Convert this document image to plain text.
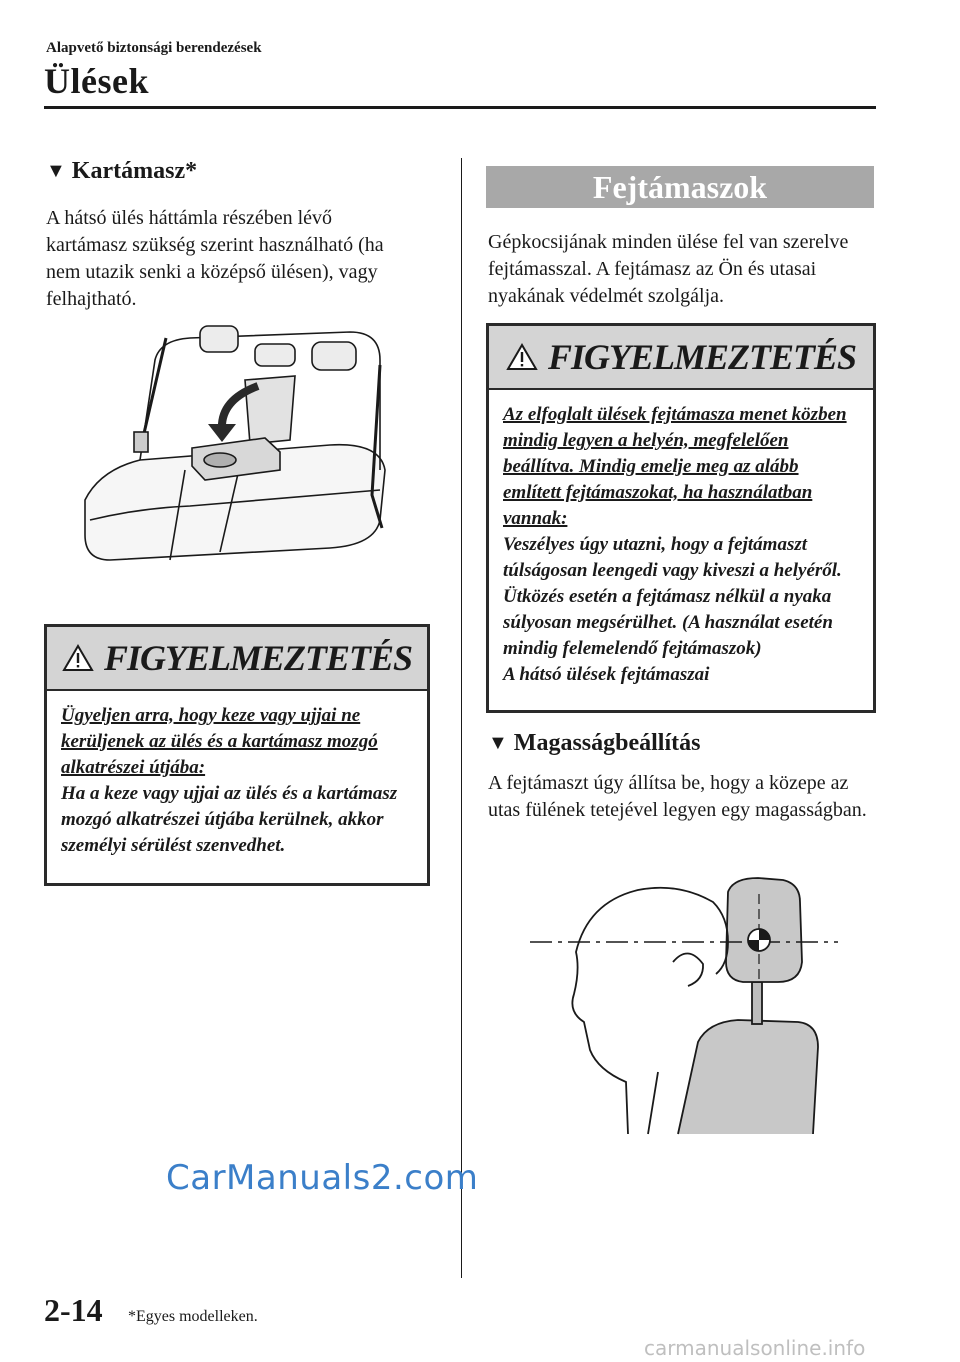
Alapvető biztonsági berendezések
Ülések
▼ Kartámasz*
A hátsó ülés háttámla részében lévő kartámasz szükség szerint használható (ha nem utazik senki a középső ülésen), vagy felhajtható.
FIGYELMEZTETÉS
Ügyeljen arra, hogy keze vagy ujjai ne kerüljenek az ülés és a kartámasz mozgó alkatrészei útjába:
Ha a keze vagy ujjai az ülés és a kartámasz mozgó alkatrészei útjába kerülnek, akkor személyi sérülést szenvedhet.
CarManuals2.com
Fejtámaszok
Gépkocsijának minden ülése fel van szerelve fejtámasszal. A fejtámasz az Ön és utasai nyakának védelmét szolgálja.
FIGYELMEZTETÉS
Az elfoglalt ülések fejtámasza menet közben mindig legyen a helyén, megfelelően beállítva. Mindig emelje meg az alább említett fejtámaszokat, ha használatban vannak:
Veszélyes úgy utazni, hogy a fejtámaszt túlságosan leengedi vagy kiveszi a helyéről. Ütközés esetén a fejtámasz nélkül a nyaka súlyosan megsérülhet. (A használat esetén mindig felemelendő fejtámaszok)
A hátsó ülések fejtámaszai
▼ Magasságbeállítás
A fejtámaszt úgy állítsa be, hogy a közepe az utas fülének tetejével legyen egy magasságban.
2-14 *Egyes modelleken.
carmanualsonline.info
